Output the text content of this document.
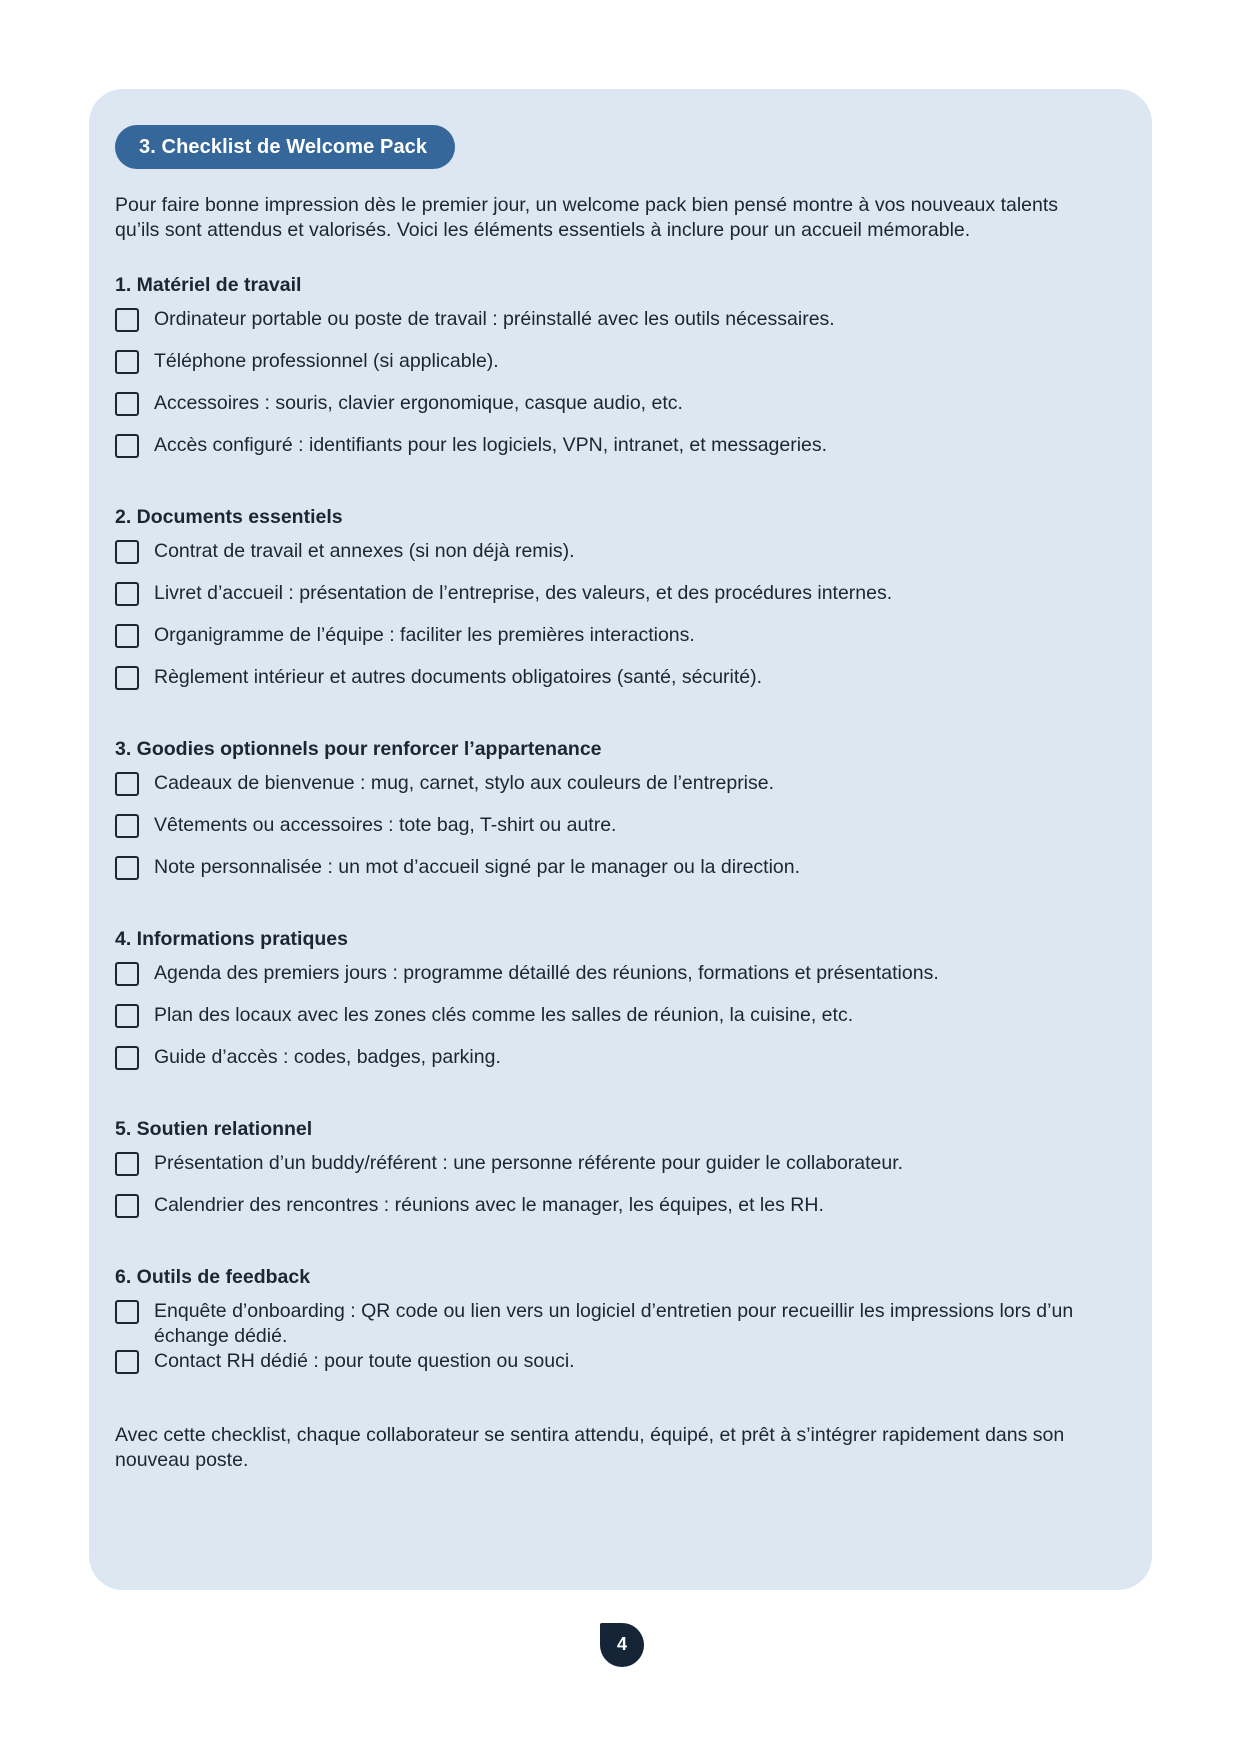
3. Checklist de Welcome Pack

Pour faire bonne impression dès le premier jour, un welcome pack bien pensé montre à vos nouveaux talents qu’ils sont attendus et valorisés. Voici les éléments essentiels à inclure pour un accueil mémorable.

1. Matériel de travail
Ordinateur portable ou poste de travail : préinstallé avec les outils nécessaires.
Téléphone professionnel (si applicable).
Accessoires : souris, clavier ergonomique, casque audio, etc.
Accès configuré : identifiants pour les logiciels, VPN, intranet, et messageries.
2. Documents essentiels
Contrat de travail et annexes (si non déjà remis).
Livret d’accueil : présentation de l’entreprise, des valeurs, et des procédures internes.
Organigramme de l’équipe : faciliter les premières interactions.
Règlement intérieur et autres documents obligatoires (santé, sécurité).
3. Goodies optionnels pour renforcer l’appartenance
Cadeaux de bienvenue : mug, carnet, stylo aux couleurs de l’entreprise.
Vêtements ou accessoires : tote bag, T-shirt ou autre.
Note personnalisée : un mot d’accueil signé par le manager ou la direction.
4. Informations pratiques
Agenda des premiers jours : programme détaillé des réunions, formations et présentations.
Plan des locaux avec les zones clés comme les salles de réunion, la cuisine, etc.
Guide d’accès : codes, badges, parking.
5. Soutien relationnel
Présentation d’un buddy/référent : une personne référente pour guider le collaborateur.
Calendrier des rencontres : réunions avec le manager, les équipes, et les RH.
6. Outils de feedback
Enquête d’onboarding : QR code ou lien vers un logiciel d’entretien pour recueillir les impressions lors d’un échange dédié.
Contact RH dédié : pour toute question ou souci.

Avec cette checklist, chaque collaborateur se sentira attendu, équipé, et prêt à s’intégrer rapidement dans son nouveau poste.

4
